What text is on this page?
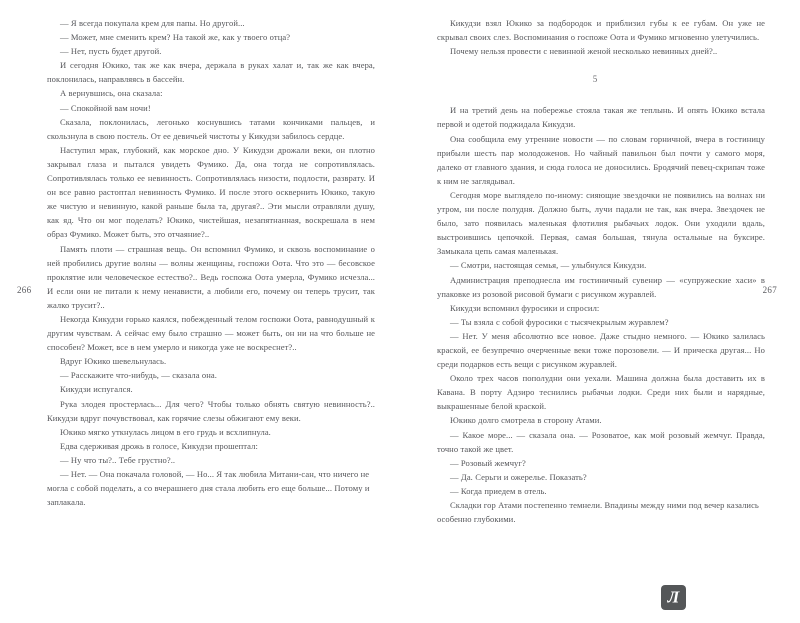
— Я всегда покупала крем для папы. Но другой...

— Может, мне сменить крем? На такой же, как у твоего отца?

— Нет, пусть будет другой.

И сегодня Юкико, так же как вчера, держала в руках халат и, так же как вчера, поклонилась, направляясь в бассейн.

А вернувшись, она сказала:

— Спокойной вам ночи!

Сказала, поклонилась, легонько коснувшись татами кончиками пальцев, и скользнула в свою постель. От ее девичьей чистоты у Кикудзи забилось сердце.

Наступил мрак, глубокий, как морское дно. У Кикудзи дрожали веки, он плотно закрывал глаза и пытался увидеть Фумико. Да, она тогда не сопротивлялась. Сопротивлялась только ее невинность. Сопротивлялась низости, подлости, разврату. И он все равно растоптал невинность Фумико. И после этого осквернить Юкико, такую же чистую и невинную, какой раньше была та, другая?.. Эти мысли отравляли душу, как яд. Что он мог поделать? Юкико, чистейшая, незапятнанная, воскрешала в нем образ Фумико. Может быть, это отчаяние?..

Память плоти — страшная вещь. Он вспомнил Фумико, и сквозь воспоминание о ней пробились другие волны — волны женщины, госпожи Оота. Что это — бесовское проклятие или человеческое естество?.. Ведь госпожа Оота умерла, Фумико исчезла... И если они не питали к нему ненависти, а любили его, почему он теперь трусит, так жалко трусит?..

Некогда Кикудзи горько каялся, побежденный телом госпожи Оота, равнодушный к другим чувствам. А сейчас ему было страшно — может быть, он ни на что больше не способен? Может, все в нем умерло и никогда уже не воскреснет?..

Вдруг Юкико шевельнулась.

— Расскажите что-нибудь, — сказала она.

Кикудзи испугался.

Рука злодея простерлась... Для чего? Чтобы только обнять святую невинность?.. Кикудзи вдруг почувствовал, как горячие слезы обжигают ему веки.

Юкико мягко уткнулась лицом в его грудь и всхлипнула.

Едва сдерживая дрожь в голосе, Кикудзи прошептал:

— Ну что ты?.. Тебе грустно?..

— Нет. — Она покачала головой, — Но... Я так любила Митани-сан, что ничего не могла с собой поделать, а со вчерашнего дня стала любить его еще больше... Потому и заплакала.

266

Кикудзи взял Юкико за подбородок и приблизил губы к ее губам. Он уже не скрывал своих слез. Воспоминания о госпоже Оота и Фумико мгновенно улетучились.

Почему нельзя провести с невинной женой несколько невинных дней?..

5

И на третий день на побережье стояла такая же теплынь. И опять Юкико встала первой и одетой поджидала Кикудзи.

Она сообщила ему утренние новости — по словам горничной, вчера в гостиницу прибыли шесть пар молодоженов. Но чайный павильон был почти у самого моря, далеко от главного здания, и сюда голоса не доносились. Бродячий певец-скрипач тоже к ним не заглядывал.

Сегодня море выглядело по-иному: сияющие звездочки не появились на волнах ни утром, ни после полудня. Должно быть, лучи падали не так, как вчера. Звездочек не было, зато появилась маленькая флотилия рыбачьих лодок. Они уходили вдаль, выстроившись цепочкой. Первая, самая большая, тянула остальные на буксире. Замыкала цепь самая маленькая.

— Смотри, настоящая семья, — улыбнулся Кикудзи.

Администрация преподнесла им гостиничный сувенир — «супружеские хаси» в упаковке из розовой рисовой бумаги с рисунком журавлей.

Кикудзи вспомнил фуросики и спросил:

— Ты взяла с собой фуросики с тысячекрылым журавлем?

— Нет. У меня абсолютно все новое. Даже стыдно немного. — Юкико залилась краской, ее безупречно очерченные веки тоже порозовели. — И прическа другая... Но среди подарков есть вещи с рисунком журавлей.

Около трех часов пополудни они уехали. Машина должна была доставить их в Кавана. В порту Адзиро теснились рыбачьи лодки. Среди них были и нарядные, выкрашенные белой краской.

Юкико долго смотрела в сторону Атами.

— Какое море... — сказала она. — Розоватое, как мой розовый жемчуг. Правда, точно такой же цвет.

— Розовый жемчуг?

— Да. Серьги и ожерелье. Показать?

— Когда приедем в отель.

Складки гор Атами постепенно темнели. Впадины между ними под вечер казались особенно глубокими.

267
Л
